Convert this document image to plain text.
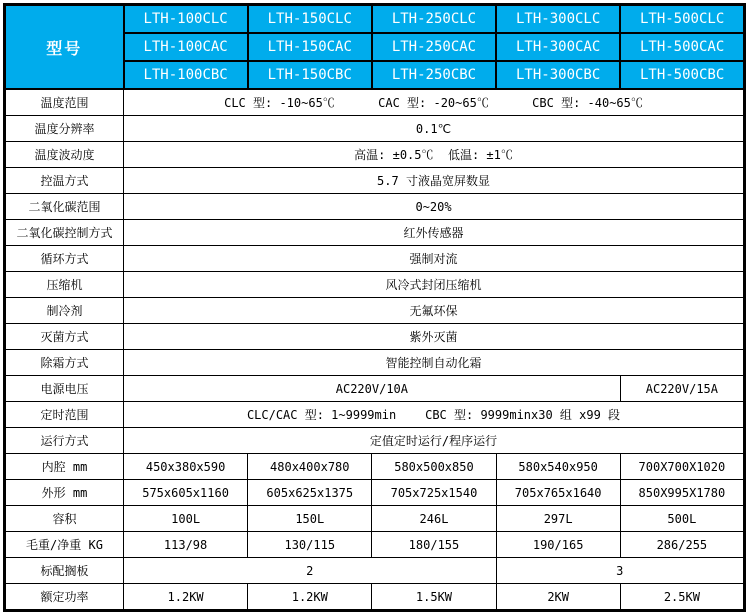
型号	LTH-100CLC	LTH-150CLC	LTH-250CLC	LTH-300CLC	LTH-500CLC
	LTH-100CAC	LTH-150CAC	LTH-250CAC	LTH-300CAC	LTH-500CAC
	LTH-100CBC	LTH-150CBC	LTH-250CBC	LTH-300CBC	LTH-500CBC
温度范围	CLC 型: -10~65℃      CAC 型: -20~65℃      CBC 型: -40~65℃				
温度分辨率	0.1℃				
温度波动度	高温: ±0.5℃  低温: ±1℃				
控温方式	5.7 寸液晶宽屏数显				
二氧化碳范围	0~20%				
二氧化碳控制方式	红外传感器				
循环方式	强制对流				
压缩机	风冷式封闭压缩机				
制冷剂	无氟环保				
灭菌方式	紫外灭菌				
除霜方式	智能控制自动化霜				
电源电压	AC220V/10A				AC220V/15A
定时范围	CLC/CAC 型: 1~9999min    CBC 型: 9999minx30 组 x99 段				
运行方式	定值定时运行/程序运行				
内腔 mm	450x380x590	480x400x780	580x500x850	580x540x950	700X700X1020
外形 mm	575x605x1160	605x625x1375	705x725x1540	705x765x1640	850X995X1780
容积	100L	150L	246L	297L	500L
毛重/净重 KG	113/98	130/115	180/155	190/165	286/255
标配搁板	2			3	
额定功率	1.2KW	1.2KW	1.5KW	2KW	2.5KW
